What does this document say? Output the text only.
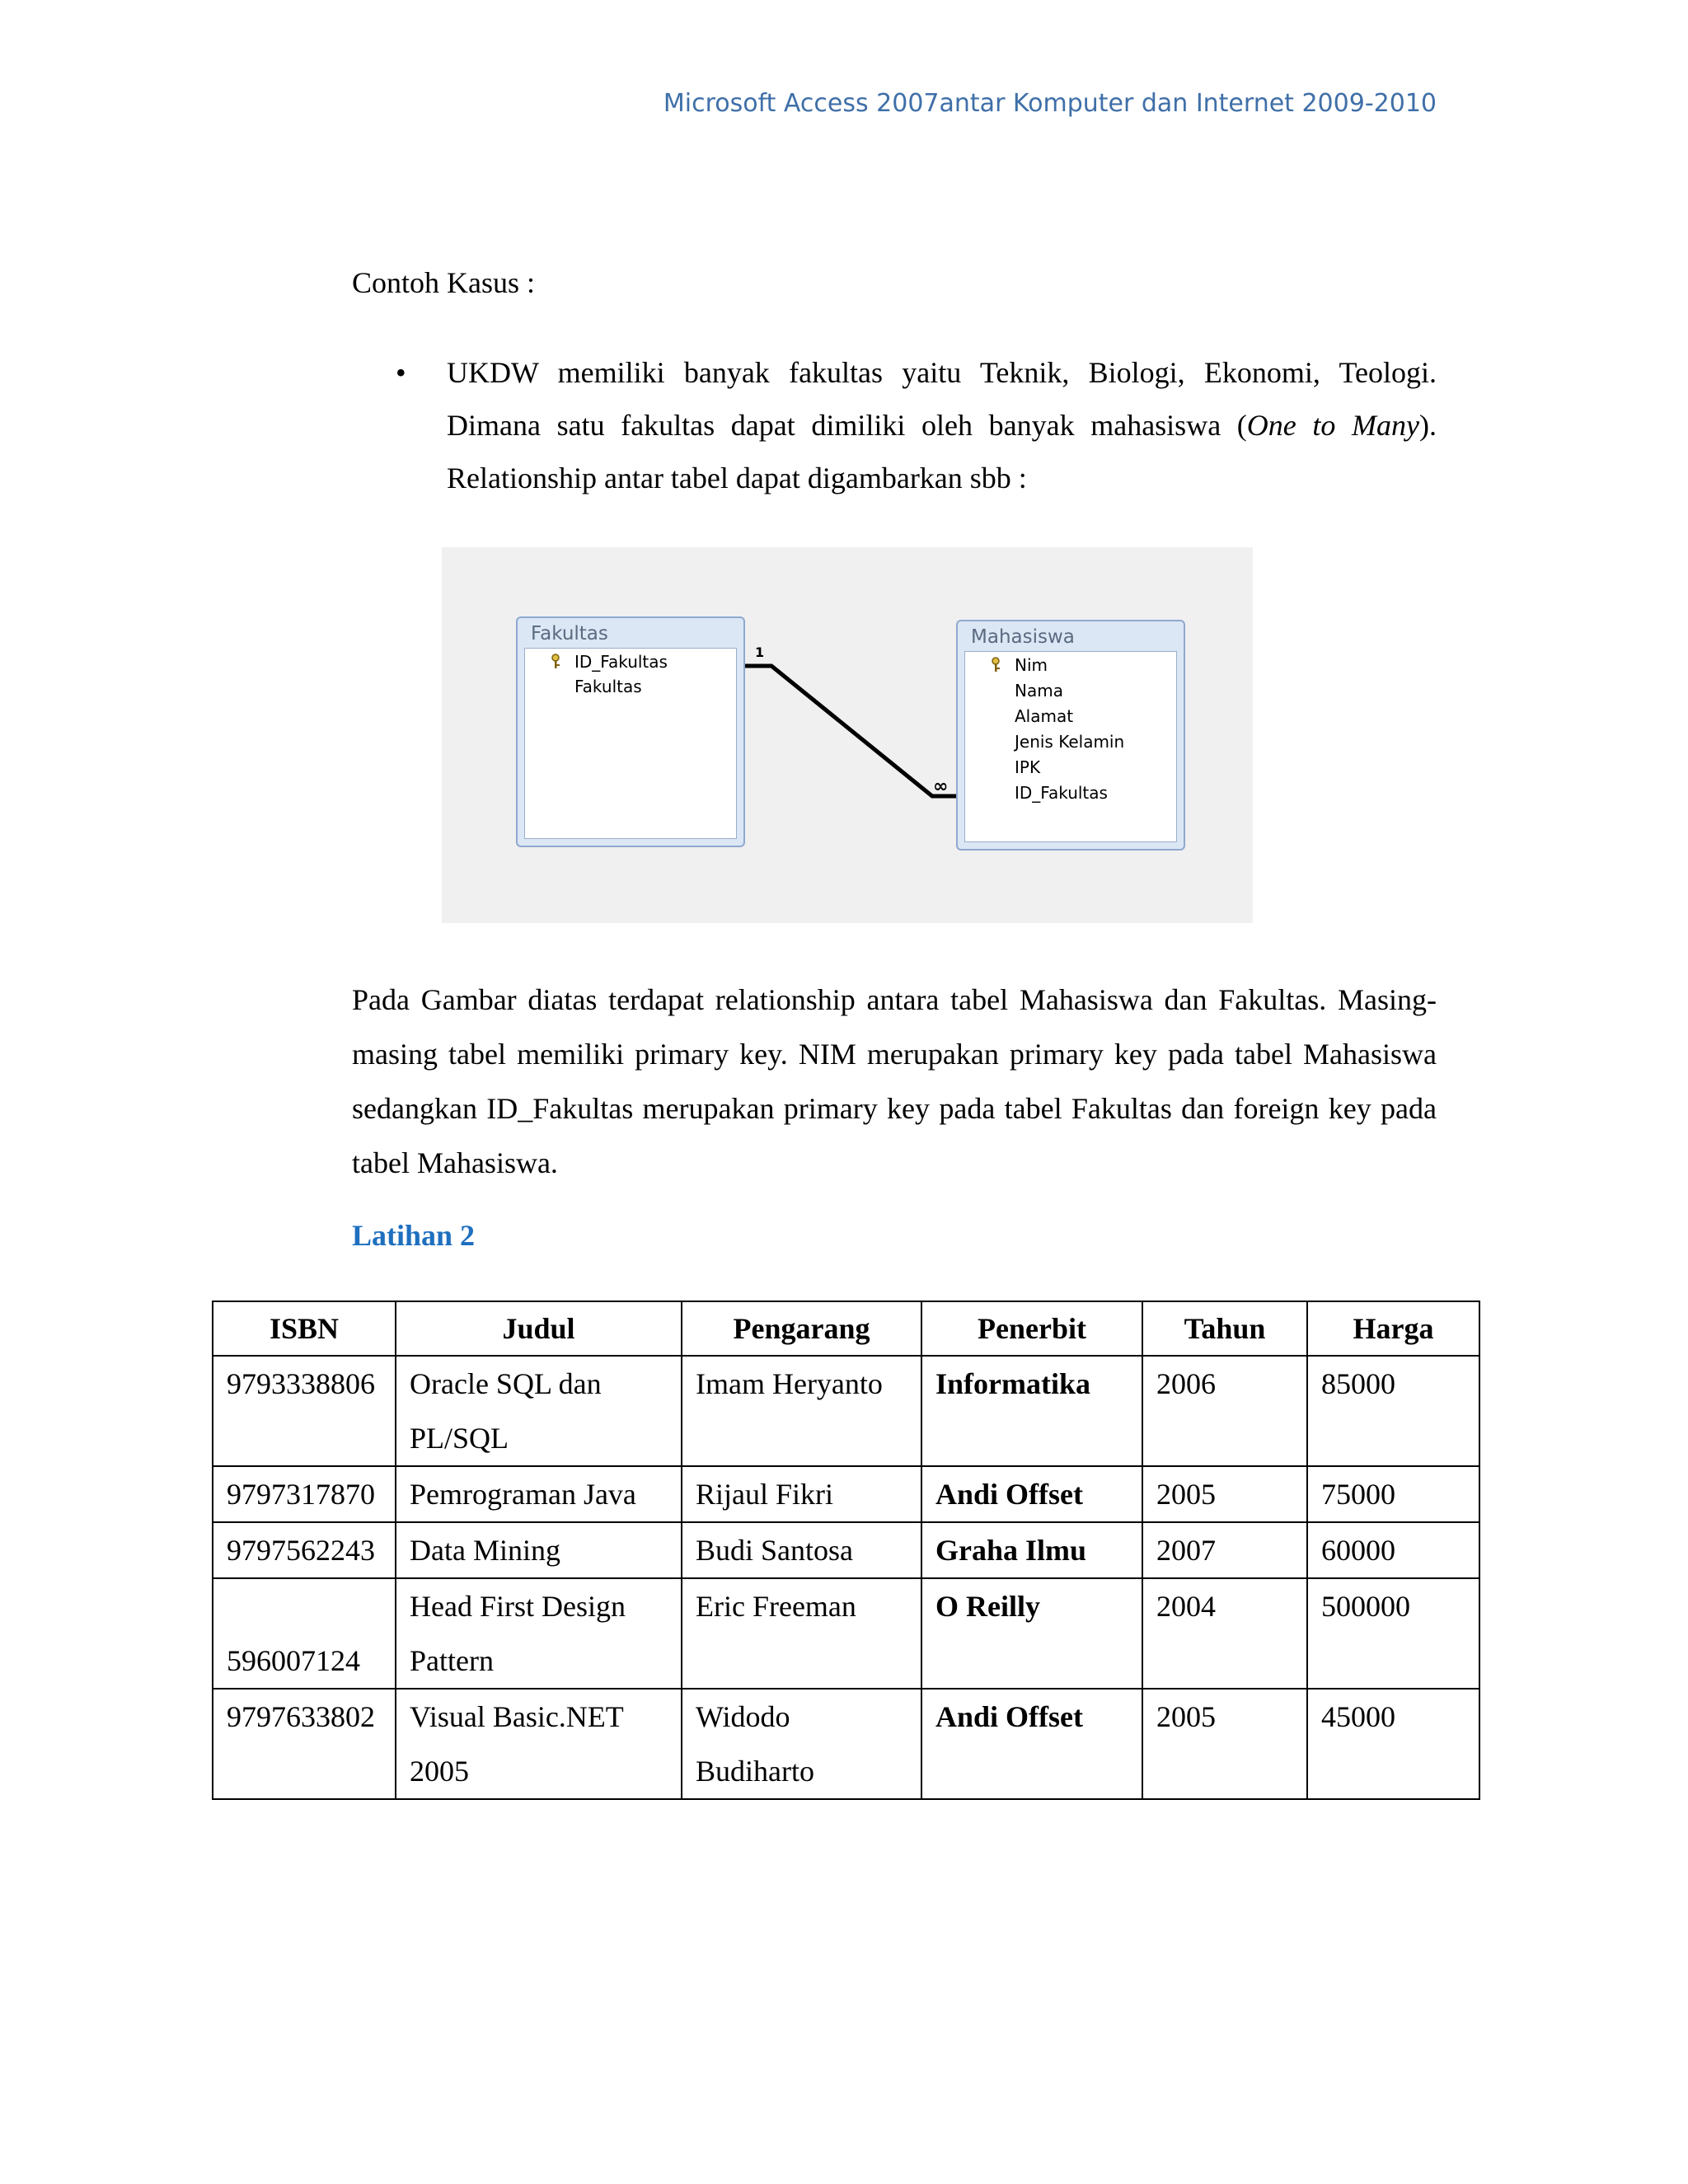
Microsoft Access 2007antar Komputer dan Internet 2009-2010
Contoh Kasus :
• UKDW memiliki banyak fakultas yaitu Teknik, Biologi, Ekonomi, Teologi. Dimana satu fakultas dapat dimiliki oleh banyak mahasiswa (One to Many). Relationship antar tabel dapat digambarkan sbb :
1
∞
Fakultas
ID_Fakultas
Fakultas
Mahasiswa
Nim
Nama
Alamat
Jenis Kelamin
IPK
ID_Fakultas
Pada Gambar diatas terdapat relationship antara tabel Mahasiswa dan Fakultas. Masing-masing tabel memiliki primary key. NIM merupakan primary key pada tabel Mahasiswa sedangkan ID_Fakultas merupakan primary key pada tabel Fakultas dan foreign key pada tabel Mahasiswa.
Latihan 2
ISBN	Judul	Pengarang	Penerbit	Tahun	Harga
9793338806	Oracle SQL dan PL/SQL	Imam Heryanto	Informatika	2006	85000
9797317870	Pemrograman Java	Rijaul Fikri	Andi Offset	2005	75000
9797562243	Data Mining	Budi Santosa	Graha Ilmu	2007	60000
596007124	Head First Design Pattern	Eric Freeman	O Reilly	2004	500000
9797633802	Visual Basic.NET 2005	Widodo Budiharto	Andi Offset	2005	45000
